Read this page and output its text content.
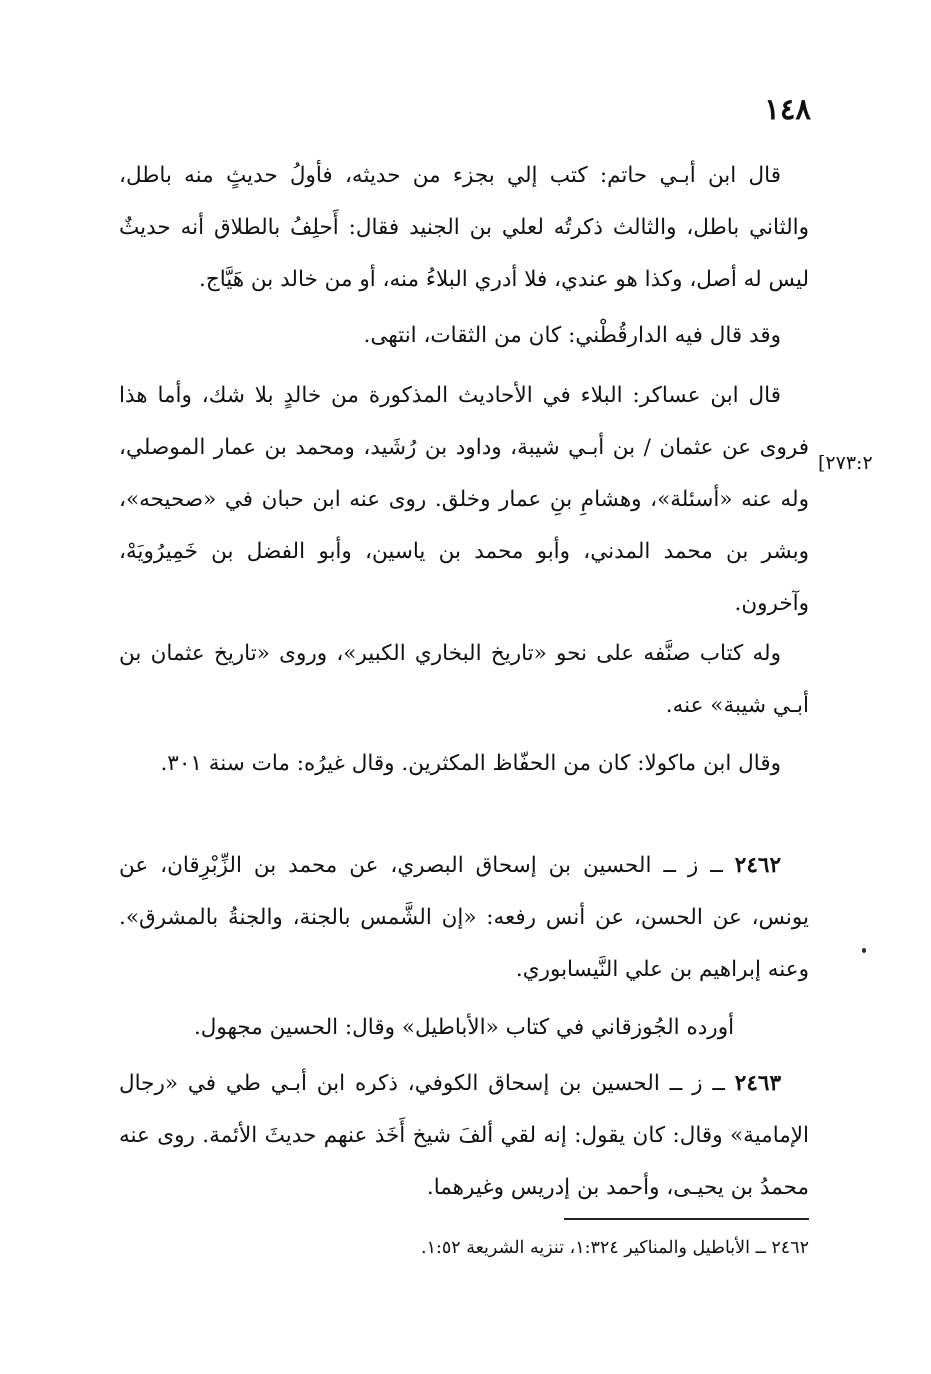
١٤٨
قال ابن أبـي حاتم: كتب إلي بجزء من حديثه، فأولُ حديثٍ منه باطل، والثاني باطل، والثالث ذكرتُه لعلي بن الجنيد فقال: أَحلِفُ بالطلاق أنه حديثٌ ليس له أصل، وكذا هو عندي، فلا أدري البلاءُ منه، أو من خالد بن هَيَّاج.
وقد قال فيه الدارقُطْني: كان من الثقات، انتهى.
قال ابن عساكر: البلاء في الأحاديث المذكورة من خالدٍ بلا شك، وأما هذا فروى عن عثمان / بن أبـي شيبة، وداود بن رُشَيد، ومحمد بن عمار الموصلي، وله عنه «أسئلة»، وهشامِ بنِ عمار وخلق. روى عنه ابن حبان في «صحيحه»، وبشر بن محمد المدني، وأبو محمد بن ياسين، وأبو الفضل بن خَمِيرُويَهْ، وآخرون.
[٢٧٣:٢
وله كتاب صنَّفه على نحو «تاريخ البخاري الكبير»، وروى «تاريخ عثمان بن أبـي شيبة» عنه.
وقال ابن ماكولا: كان من الحفّاظ المكثرين. وقال غيرُه: مات سنة ٣٠١.
٢٤٦٢ ــ ز ــ الحسين بن إسحاق البصري، عن محمد بن الزِّبْرِقان، عن يونس، عن الحسن، عن أنس رفعه: «إن الشَّمس بالجنة، والجنةُ بالمشرق». وعنه إبراهيم بن علي النَّيسابوري.
أورده الجُوزقاني في كتاب «الأباطيل» وقال: الحسين مجهول.
٢٤٦٣ ــ ز ــ الحسين بن إسحاق الكوفي، ذكره ابن أبـي طي في «رجال الإمامية» وقال: كان يقول: إنه لقي ألفَ شيخ أَخَذ عنهم حديثَ الأئمة. روى عنه محمدُ بن يحيـى، وأحمد بن إدريس وغيرهما.
٢٤٦٢ ــ الأباطيل والمناكير ١:٣٢٤، تنزيه الشريعة ١:٥٢.
